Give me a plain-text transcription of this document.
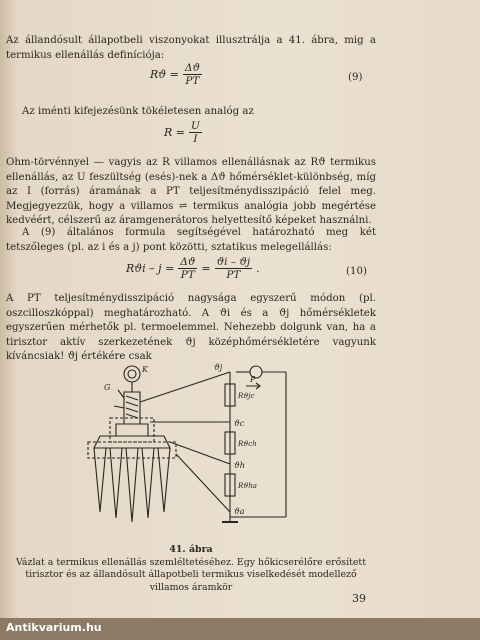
Az állandósult állapotbeli viszonyokat illusztrálja a 41. ábra, mig a termikus ellenállás definíciója:
$Rϑ = \frac{\Delta ϑ}{PT}$	(9)
Az iménti kifejezésünk tökéletesen analóg az
$R = \frac{U}{I}$
Ohm-törvénnyel — vagyis az R villamos ellenállásnak az Rϑ termikus ellenállás, az U feszültség (esés)-nek a Δϑ hőmérséklet-különbség, míg az I (forrás) áramának a PT teljesítménydisszipáció felel meg. Megjegyezzük, hogy a villamos ⇌ termikus analógia jobb megértése kedvéért, célszerű az áramgenerátoros helyettesítő képeket használni.
A (9) általános formula segítségével határozható meg két tetszőleges (pl. az i és a j) pont közötti, sztatikus melegellállás:
$Rϑi - j = \frac{\Delta ϑ}{PT} = \frac{ϑi - ϑj}{PT}$ .	(10)
A PT teljesítménydisszipáció nagysága egyszerű módon (pl. oszcilloszkóppal) meghatározható. A ϑi és a ϑj hőmérsékletek egyszerűen mérhetők pl. termoelemmel. Nehezebb dolgunk van, ha a tirisztor aktív szerkezetének ϑj középhőmérsékletére vagyunk kíváncsiak! ϑj értékére csak
K
G
ϑj
P
Rϑjc
ϑc
Rϑch
ϑh
Rϑha
ϑa
41. ábra
Vázlat a termikus ellenállás szemléltetéséhez. Egy hőkicserélőre erősített tirisztor és az állandósult állapotbeli termikus viselkedését modellező villamos áramkör
39
Antikvarium.hu
